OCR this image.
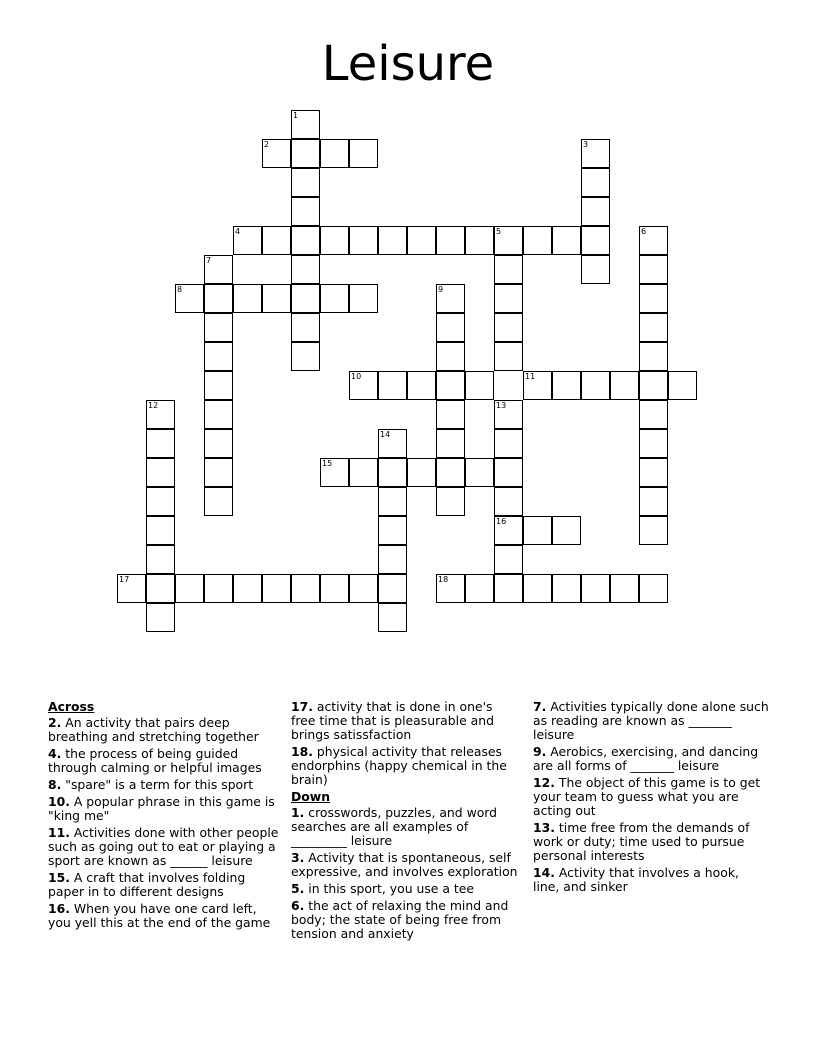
Leisure
1
2	3
4	5	6
7
8	9
10	11
12	13
14
15
16
17	18
Across
2. An activity that pairs deep breathing and stretching together
4. the process of being guided through calming or helpful images
8. "spare" is a term for this sport
10. A popular phrase in this game is "king me"
11. Activities done with other people such as going out to eat or playing a sport are known as ______ leisure
15. A craft that involves folding paper in to different designs
16. When you have one card left, you yell this at the end of the game
17. activity that is done in one's free time that is pleasurable and brings satissfaction
18. physical activity that releases endorphins (happy chemical in the brain)
Down
1. crosswords, puzzles, and word searches are all examples of _________ leisure
3. Activity that is spontaneous, self expressive, and involves exploration
5. in this sport, you use a tee
6. the act of relaxing the mind and body; the state of being free from tension and anxiety
7. Activities typically done alone such as reading are known as _______ leisure
9. Aerobics, exercising, and dancing are all forms of _______ leisure
12. The object of this game is to get your team to guess what you are acting out
13. time free from the demands of work or duty; time used to pursue personal interests
14. Activity that involves a hook, line, and sinker
